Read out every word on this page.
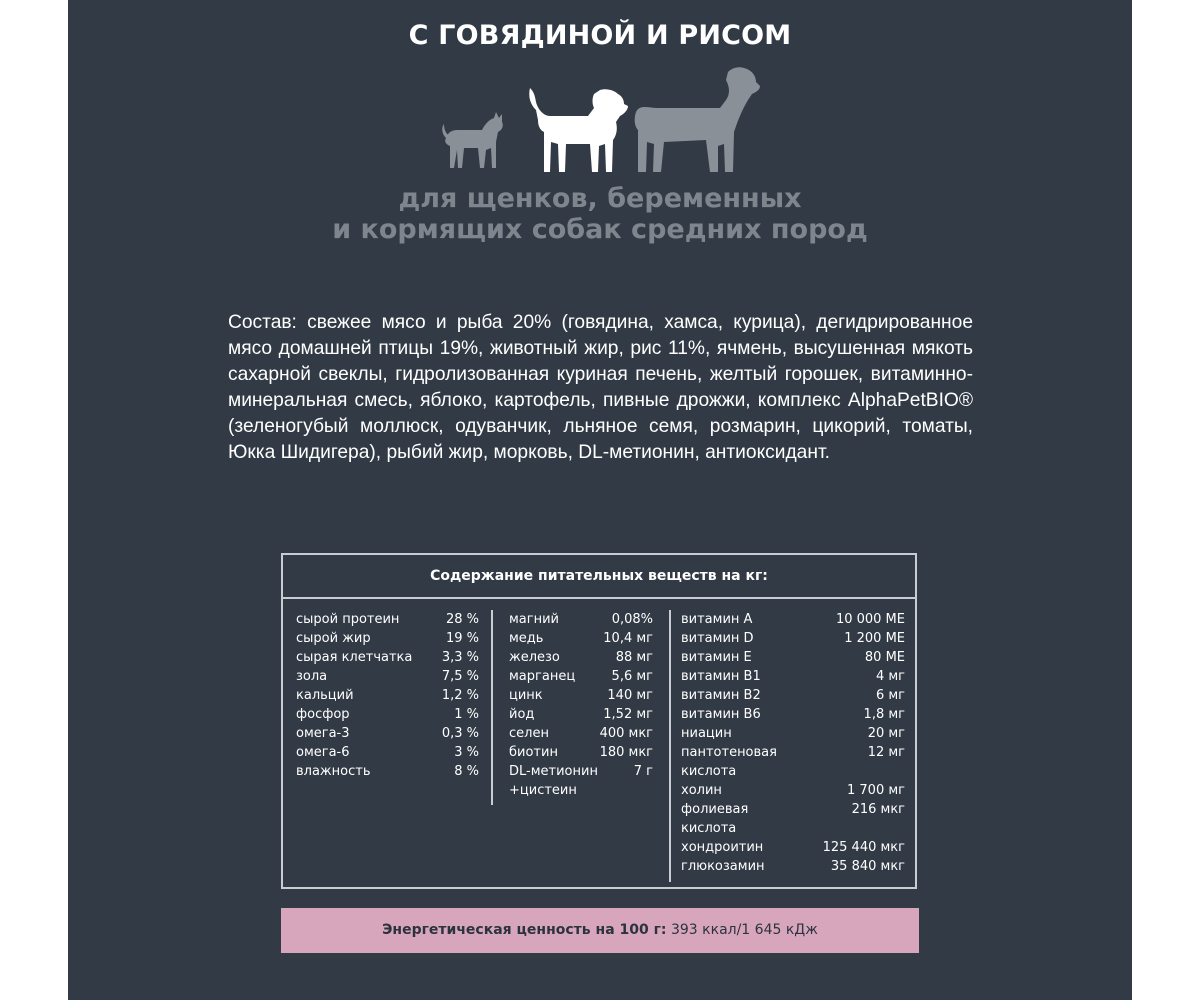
С ГОВЯДИНОЙ И РИСОМ
для щенков, беременных
и кормящих собак средних пород
Состав: свежее мясо и рыба 20% (говядина, хамса, курица), дегидрированное мясо домашней птицы 19%, животный жир, рис 11%, ячмень, высушенная мякоть сахарной свеклы, гидролизованная куриная печень, желтый горошек, витаминно-минеральная смесь, яблоко, картофель, пивные дрожжи, комплекс AlphaPetBIO® (зеленогубый моллюск, одуванчик, льняное семя, розмарин, цикорий, томаты, Юкка Шидигера), рыбий жир, морковь, DL-метионин, антиоксидант.
Содержание питательных веществ на кг:
сырой протеин	28 %
сырой жир	19 %
сырая клетчатка 3,3 %
зола	7,5 %
кальций	1,2 %
фосфор	1 %
омега-3	0,3 %
омега-6	3 %
влажность	8 %
магний	0,08%
медь	10,4 мг
железо	88 мг
марганец	5,6 мг
цинк	140 мг
йод	1,52 мг
селен	400 мкг
биотин	180 мкг
DL-метионин	7 г
+цистеин
витамин А	10 000 МЕ
витамин D	1 200 МЕ
витамин E	80 МЕ
витамин B1	4 мг
витамин B2	6 мг
витамин B6	1,8 мг
ниацин	20 мг
пантотеновая	12 мг
кислота
холин	1 700 мг
фолиевая	216 мкг
кислота
хондроитин	125 440 мкг
глюкозамин	35 840 мкг
Энергетическая ценность на 100 г: 393 ккал/1 645 кДж
